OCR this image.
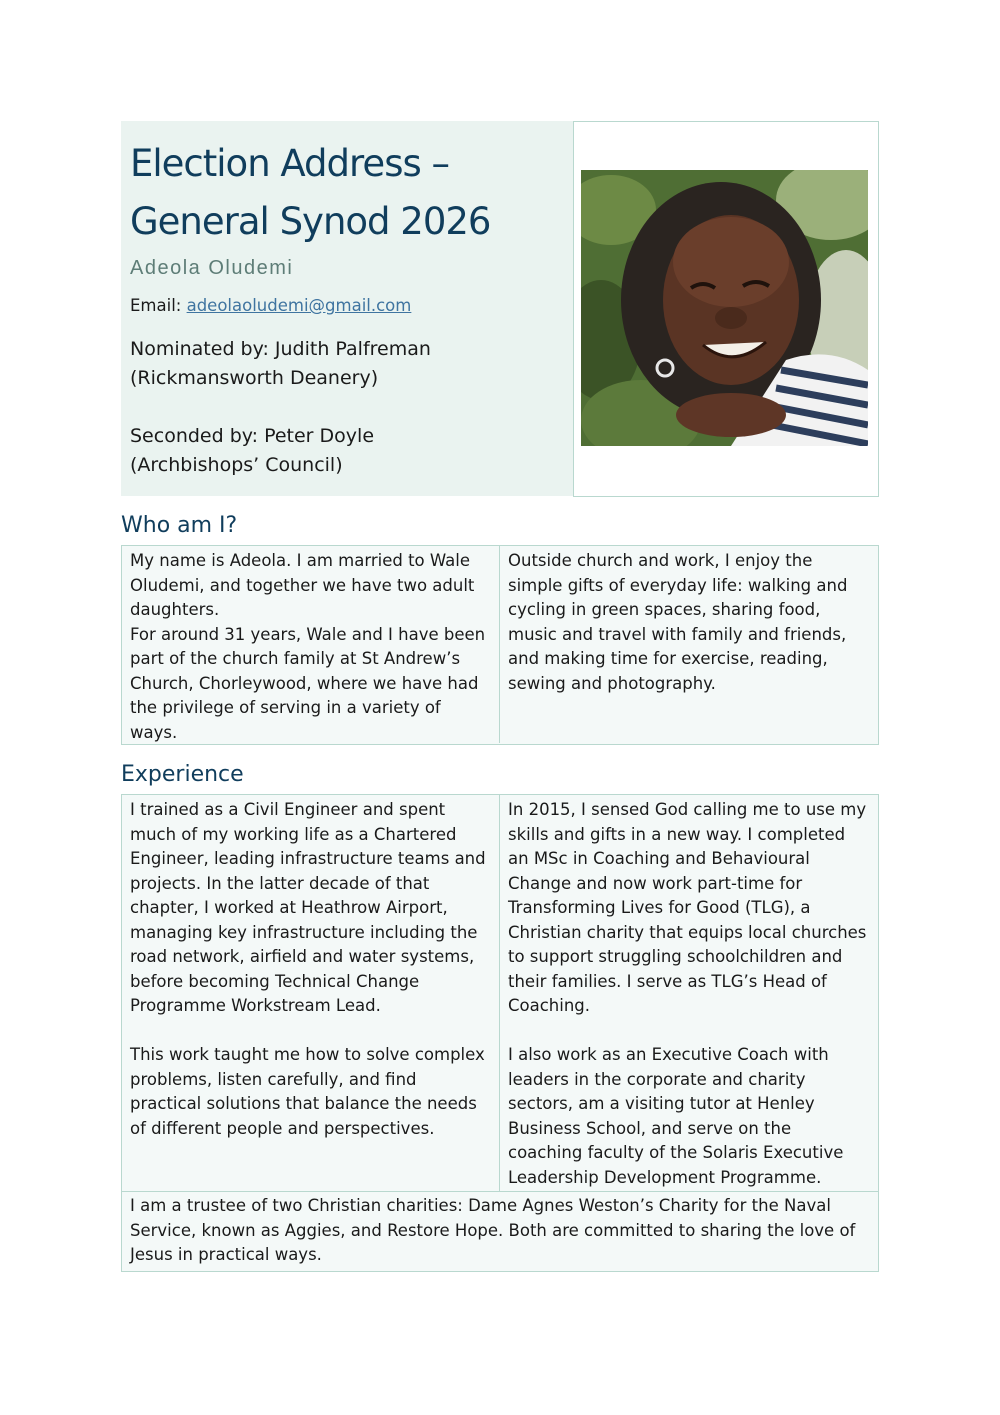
Election Address –
General Synod 2026
Adeola Oludemi
Email: adeolaoludemi@gmail.com
Nominated by: Judith Palfreman
(Rickmansworth Deanery)
Seconded by: Peter Doyle
(Archbishops’ Council)
Who am I?

My name is Adeola. I am married to Wale Oludemi, and together we have two adult daughters.

For around 31 years, Wale and I have been part of the church family at St Andrew’s Church, Chorleywood, where we have had the privilege of serving in a variety of ways.

Outside church and work, I enjoy the simple gifts of everyday life: walking and cycling in green spaces, sharing food, music and travel with family and friends, and making time for exercise, reading, sewing and photography.

Experience

I trained as a Civil Engineer and spent much of my working life as a Chartered Engineer, leading infrastructure teams and projects. In the latter decade of that chapter, I worked at Heathrow Airport, managing key infrastructure including the road network, airfield and water systems, before becoming Technical Change Programme Workstream Lead.

This work taught me how to solve complex problems, listen carefully, and find practical solutions that balance the needs of different people and perspectives.

In 2015, I sensed God calling me to use my skills and gifts in a new way. I completed an MSc in Coaching and Behavioural Change and now work part-time for Transforming Lives for Good (TLG), a Christian charity that equips local churches to support struggling schoolchildren and their families. I serve as TLG’s Head of Coaching.

I also work as an Executive Coach with leaders in the corporate and charity sectors, am a visiting tutor at Henley Business School, and serve on the coaching faculty of the Solaris Executive Leadership Development Programme.

I am a trustee of two Christian charities: Dame Agnes Weston’s Charity for the Naval Service, known as Aggies, and Restore Hope. Both are committed to sharing the love of Jesus in practical ways.
